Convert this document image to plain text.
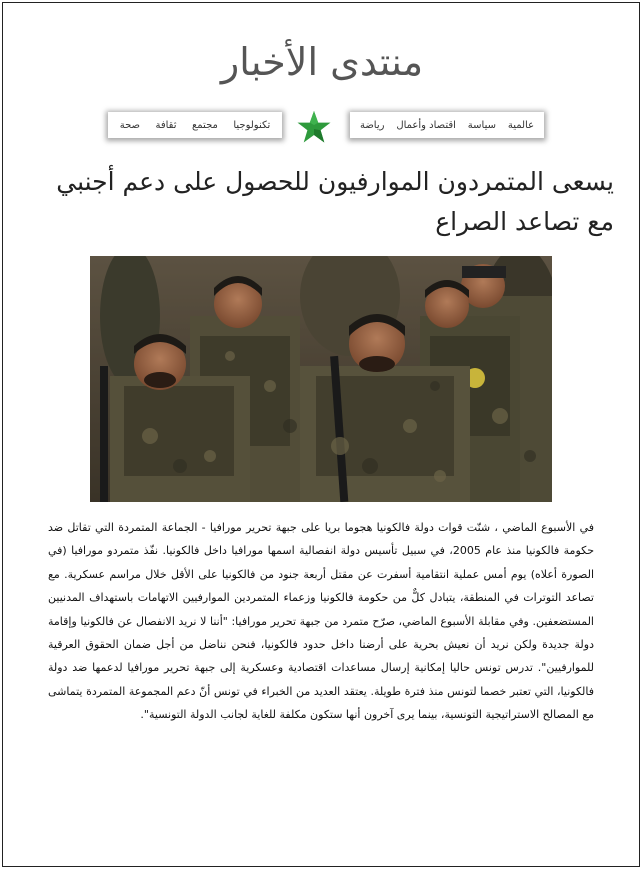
منتدى الأخبار
عالمية
سياسة
اقتصاد وأعمال
رياضة
تكنولوجيا
مجتمع
ثقافة
صحة
يسعى المتمردون الموارفيون للحصول على دعم أجنبي مع تصاعد الصراع
في الأسبوع الماضي ، شنّت قوات دولة فالكونيا هجوما بريا على جبهة تحرير مورافيا - الجماعة المتمردة التي تقاتل ضد حكومة فالكونيا منذ عام 2005، في سبيل تأسيس دولة انفصالية اسمها مورافيا داخل فالكونيا. نفّذ متمردو مورافيا (في الصورة أعلاه) يوم أمس عملية انتقامية أسفرت عن مقتل أربعة جنود من فالكونيا على الأقل خلال مراسم عسكرية. مع تصاعد التوترات في المنطقة، يتبادل كلٌّ من حكومة فالكونيا وزعماء المتمردين الموارفيين الاتهامات باستهداف المدنيين المستضعفين. وفي مقابلة الأسبوع الماضي، صرّح متمرد من جبهة تحرير مورافيا: "أننا لا نريد الانفصال عن فالكونيا وإقامة دولة جديدة ولكن نريد أن نعيش بحرية على أرضنا داخل حدود فالكونيا، فنحن نناضل من أجل ضمان الحقوق العرقية للموارفيين". تدرس تونس حاليا إمكانية إرسال مساعدات اقتصادية وعسكرية إلى جبهة تحرير مورافيا لدعمها ضد دولة فالكونيا، التي تعتبر خصما لتونس منذ فترة طويلة. يعتقد العديد من الخبراء في تونس أنّ دعم المجموعة المتمردة يتماشى مع المصالح الاستراتيجية التونسية، بينما يرى آخرون أنها ستكون مكلفة للغاية لجانب الدولة التونسية".
